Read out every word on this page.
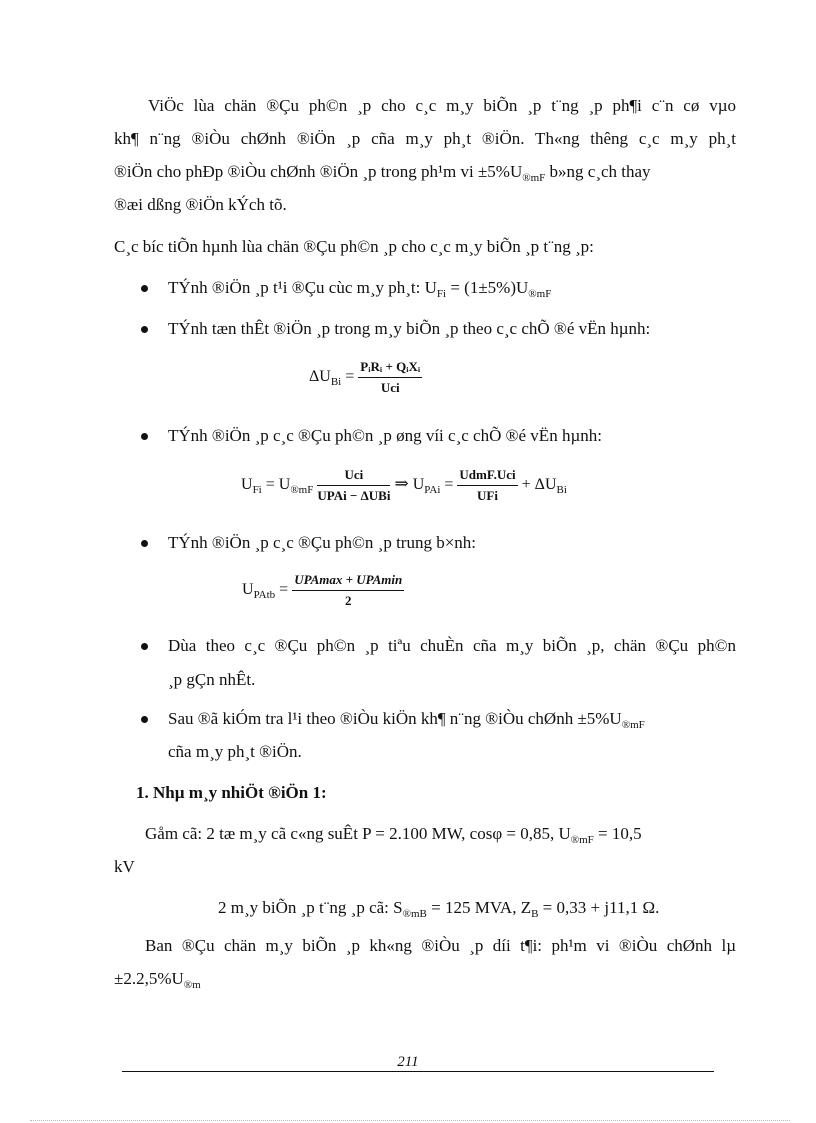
ViÖc lùa chän ®Çu ph©n ¸p cho c¸c m¸y biÕn ¸p t¨ng ¸p ph¶i c¨n cø vµo
kh¶ n¨ng ®iÒu chØnh ®iÖn ¸p cña m¸y ph¸t ®iÖn. Th«ng thêng c¸c m¸y ph¸t
®iÖn cho phÐp ®iÒu chØnh ®iÖn ¸p trong ph¹m vi $\pm 5\%U_{®mF}$ b»ng c¸ch thay
®æi dßng ®iÖn kÝch tõ.
C¸c bíc tiÕn hµnh lùa chän ®Çu ph©n ¸p cho c¸c m¸y biÕn ¸p t¨ng ¸p:
TÝnh ®iÖn ¸p t¹i ®Çu cùc m¸y ph¸t: $U_{Fi} = (1\pm 5\%)U_{®mF}$
TÝnh tæn thÊt ®iÖn ¸p trong m¸y biÕn ¸p theo c¸c chÕ ®é vËn hµnh:
$\Delta U_{Bi} = \frac{\text{PᵢRᵢ + QᵢXᵢ}}{\text{Ucі}}$
TÝnh ®iÖn ¸p c¸c ®Çu ph©n ¸p øng víi c¸c chÕ ®é vËn hµnh:
$U_{Fi} = U_{®mF} \frac{\text{Ucі}}{\text{UPAi − ΔUBi}}$ ⇒ $U_{PAi} = \frac{\text{UdmF.Ucі}}{\text{UFi}} + \Delta U_{Bi}$
TÝnh ®iÖn ¸p c¸c ®Çu ph©n ¸p trung b×nh:
$U_{PAtb} = \frac{\text{UPAmax + UPAmin}}{2}$
Dùa theo c¸c ®Çu ph©n ¸p tiªu chuÈn cña m¸y biÕn ¸p, chän ®Çu ph©n
¸p gÇn nhÊt.
Sau ®ã kiÓm tra l¹i theo ®iÒu kiÖn kh¶ n¨ng ®iÒu chØnh $\pm 5\%U_{®mF}$
cña m¸y ph¸t ®iÖn.
1. Nhµ m¸y nhiÖt ®iÖn 1:
Gåm cã: 2 tæ m¸y cã c«ng suÊt P = 2.100 MW, cosφ = 0,85, $U_{®mF} = 10,5$
kV
2 m¸y biÕn ¸p t¨ng ¸p cã: $S_{®mB} = 125$ MVA, $Z_B = 0,33 + j11,1$ Ω.
Ban ®Çu chän m¸y biÕn ¸p kh«ng ®iÒu ¸p díi t¶i: ph¹m vi ®iÒu chØnh lµ
$\pm 2.2,5\%U_{®m}$
211
